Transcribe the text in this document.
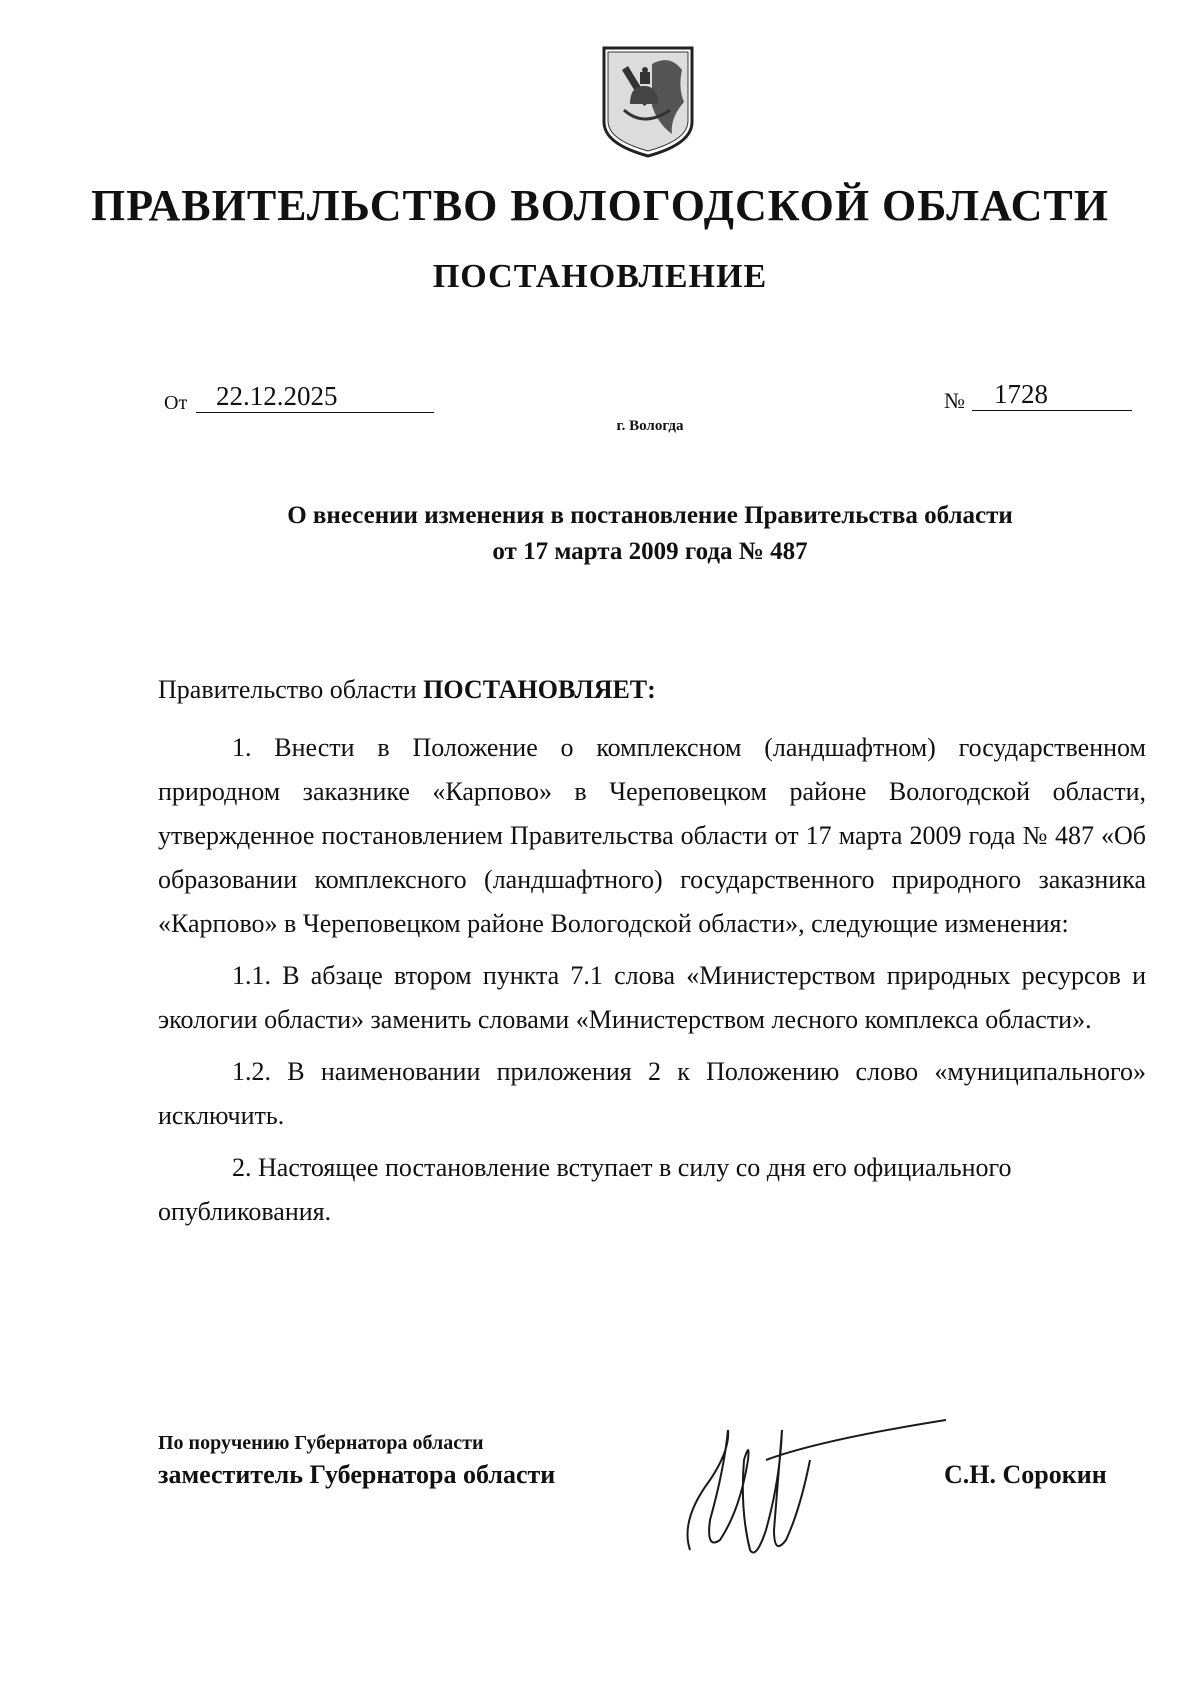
ПРАВИТЕЛЬСТВО ВОЛОГОДСКОЙ ОБЛАСТИ
ПОСТАНОВЛЕНИЕ
От	22.12.2025	№	1728
г. Вологда
О внесении изменения в постановление Правительства области
от 17 марта 2009 года № 487

Правительство области ПОСТАНОВЛЯЕТ:

1. Внести в Положение о комплексном (ландшафтном) государственном природном заказнике «Карпово» в Череповецком районе Вологодской области, утвержденное постановлением Правительства области от 17 марта 2009 года № 487 «Об образовании комплексного (ландшафтного) государственного природного заказника «Карпово» в Череповецком районе Вологодской области», следующие изменения:

1.1. В абзаце втором пункта 7.1 слова «Министерством природных ресурсов и экологии области» заменить словами «Министерством лесного комплекса области».

1.2. В наименовании приложения 2 к Положению слово «муниципального» исключить.

2. Настоящее постановление вступает в силу со дня его официального опубликования.

По поручению Губернатора области
заместитель Губернатора области	С.Н. Сорокин
